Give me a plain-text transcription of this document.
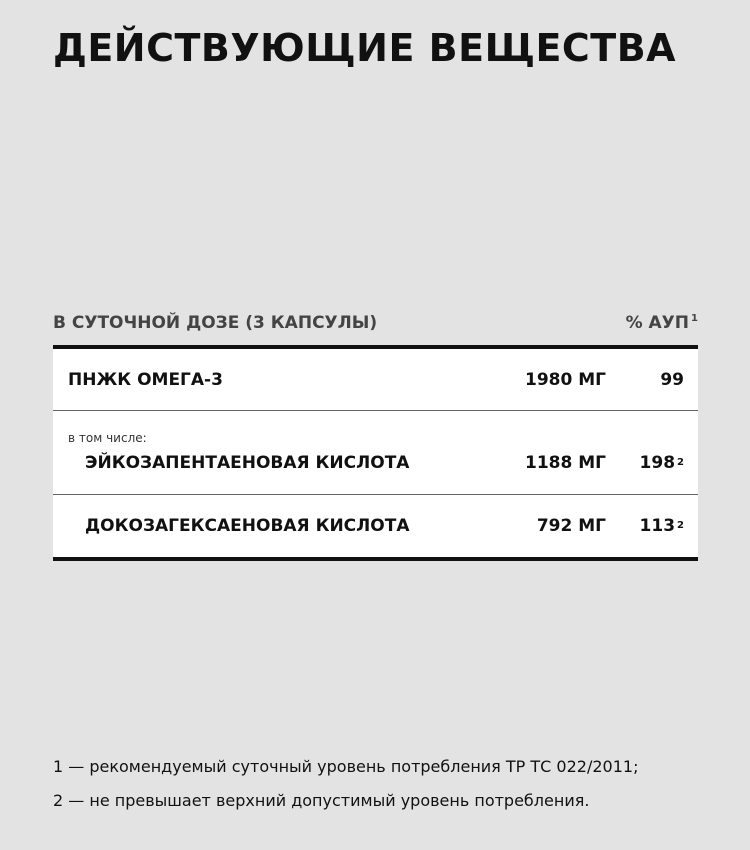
ДЕЙСТВУЮЩИЕ ВЕЩЕСТВА
В СУТОЧНОЙ ДОЗЕ (3 КАПСУЛЫ)	% АУП $^1$
ПНЖК ОМЕГА-3	1980 МГ	99
в том числе:
ЭЙКОЗАПЕНТАЕНОВАЯ КИСЛОТА	1188 МГ 198 2
ДОКОЗАГЕКСАЕНОВАЯ КИСЛОТА	792 МГ 113 2
1 — рекомендуемый суточный уровень потребления ТР ТС 022/2011;
2 — не превышает верхний допустимый уровень потребления.
